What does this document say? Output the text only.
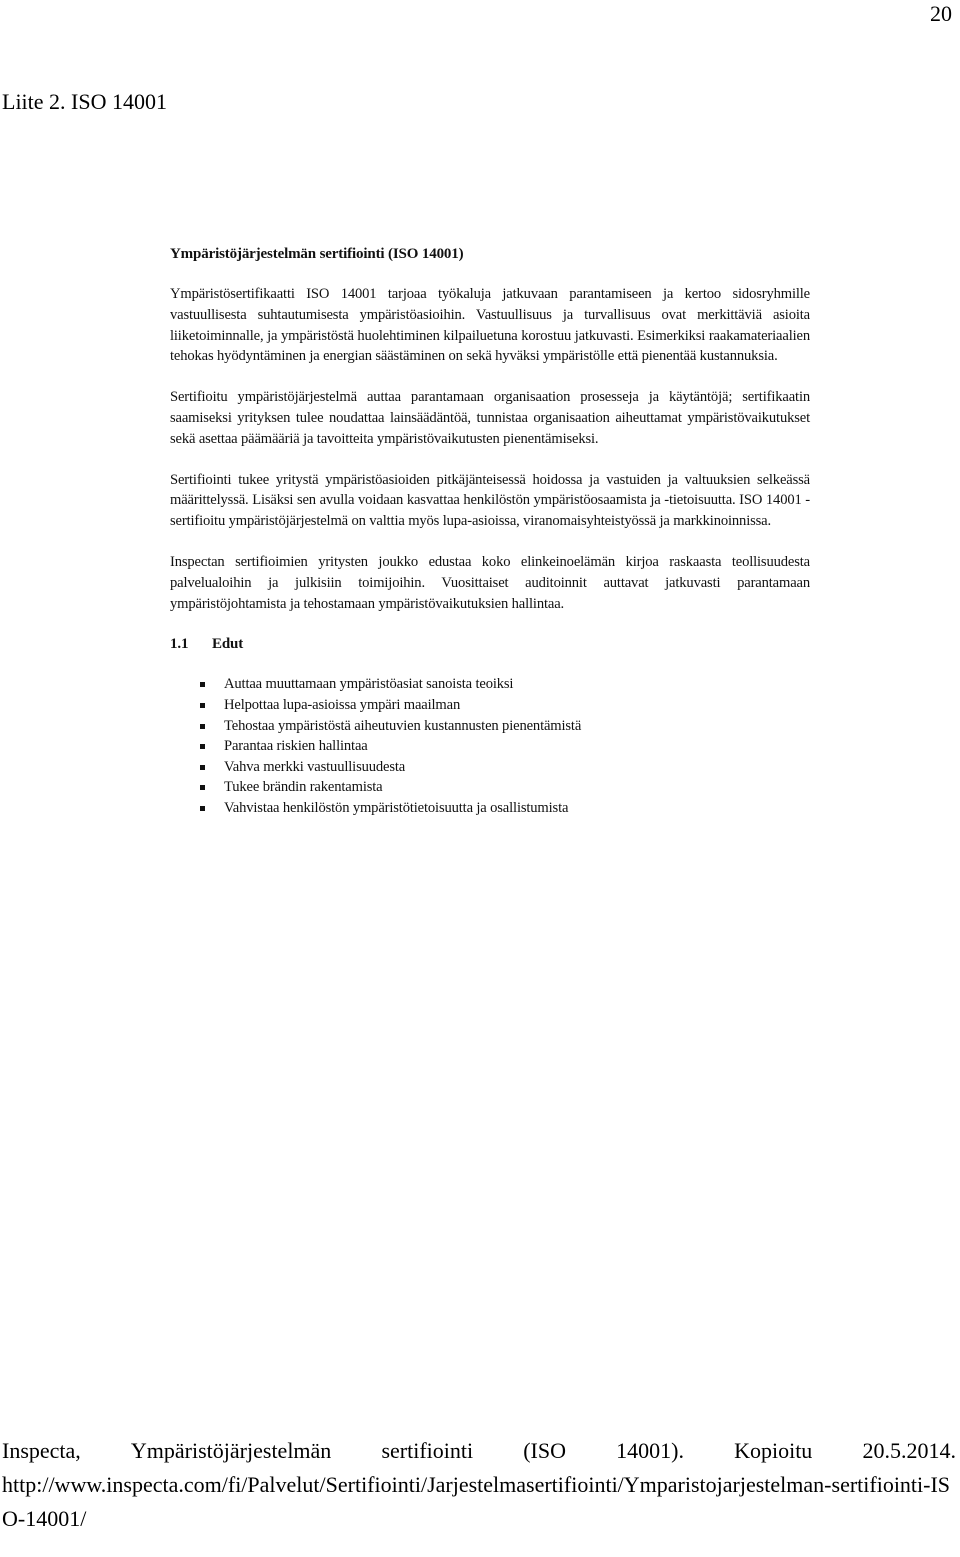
20
Liite 2. ISO 14001
Ympäristöjärjestelmän sertifiointi (ISO 14001)

Ympäristösertifikaatti ISO 14001 tarjoaa työkaluja jatkuvaan parantamiseen ja kertoo sidosryhmille vastuullisesta suhtautumisesta ympäristöasioihin. Vastuullisuus ja turvallisuus ovat merkittäviä asioita liiketoiminnalle, ja ympäristöstä huolehtiminen kilpailuetuna korostuu jatkuvasti. Esimerkiksi raakamateriaalien tehokas hyödyntäminen ja energian säästäminen on sekä hyväksi ympäristölle että pienentää kustannuksia.

Sertifioitu ympäristöjärjestelmä auttaa parantamaan organisaation prosesseja ja käytäntöjä; sertifikaatin saamiseksi yrityksen tulee noudattaa lainsäädäntöä, tunnistaa organisaation aiheuttamat ympäristövaikutukset sekä asettaa päämääriä ja tavoitteita ympäristövaikutusten pienentämiseksi.

Sertifiointi tukee yritystä ympäristöasioiden pitkäjänteisessä hoidossa ja vastuiden ja valtuuksien selkeässä määrittelyssä. Lisäksi sen avulla voidaan kasvattaa henkilöstön ympäristöosaamista ja -tietoisuutta. ISO 14001 -sertifioitu ympäristöjärjestelmä on valttia myös lupa-asioissa, viranomaisyhteistyössä ja markkinoinnissa.

Inspectan sertifioimien yritysten joukko edustaa koko elinkeinoelämän kirjoa raskaasta teollisuudesta palvelualoihin ja julkisiin toimijoihin. Vuosittaiset auditoinnit auttavat jatkuvasti parantamaan ympäristöjohtamista ja tehostamaan ympäristövaikutuksien hallintaa.

1.1 Edut
Auttaa muuttamaan ympäristöasiat sanoista teoiksi
Helpottaa lupa-asioissa ympäri maailman
Tehostaa ympäristöstä aiheutuvien kustannusten pienentämistä
Parantaa riskien hallintaa
Vahva merkki vastuullisuudesta
Tukee brändin rakentamista
Vahvistaa henkilöstön ympäristötietoisuutta ja osallistumista
Inspecta, Ympäristöjärjestelmän sertifiointi (ISO 14001). Kopioitu 20.5.2014.
http://www.inspecta.com/fi/Palvelut/Sertifiointi/Jarjestelmasertifiointi/Ymparistojarjestelman-sertifiointi-ISO-14001/
